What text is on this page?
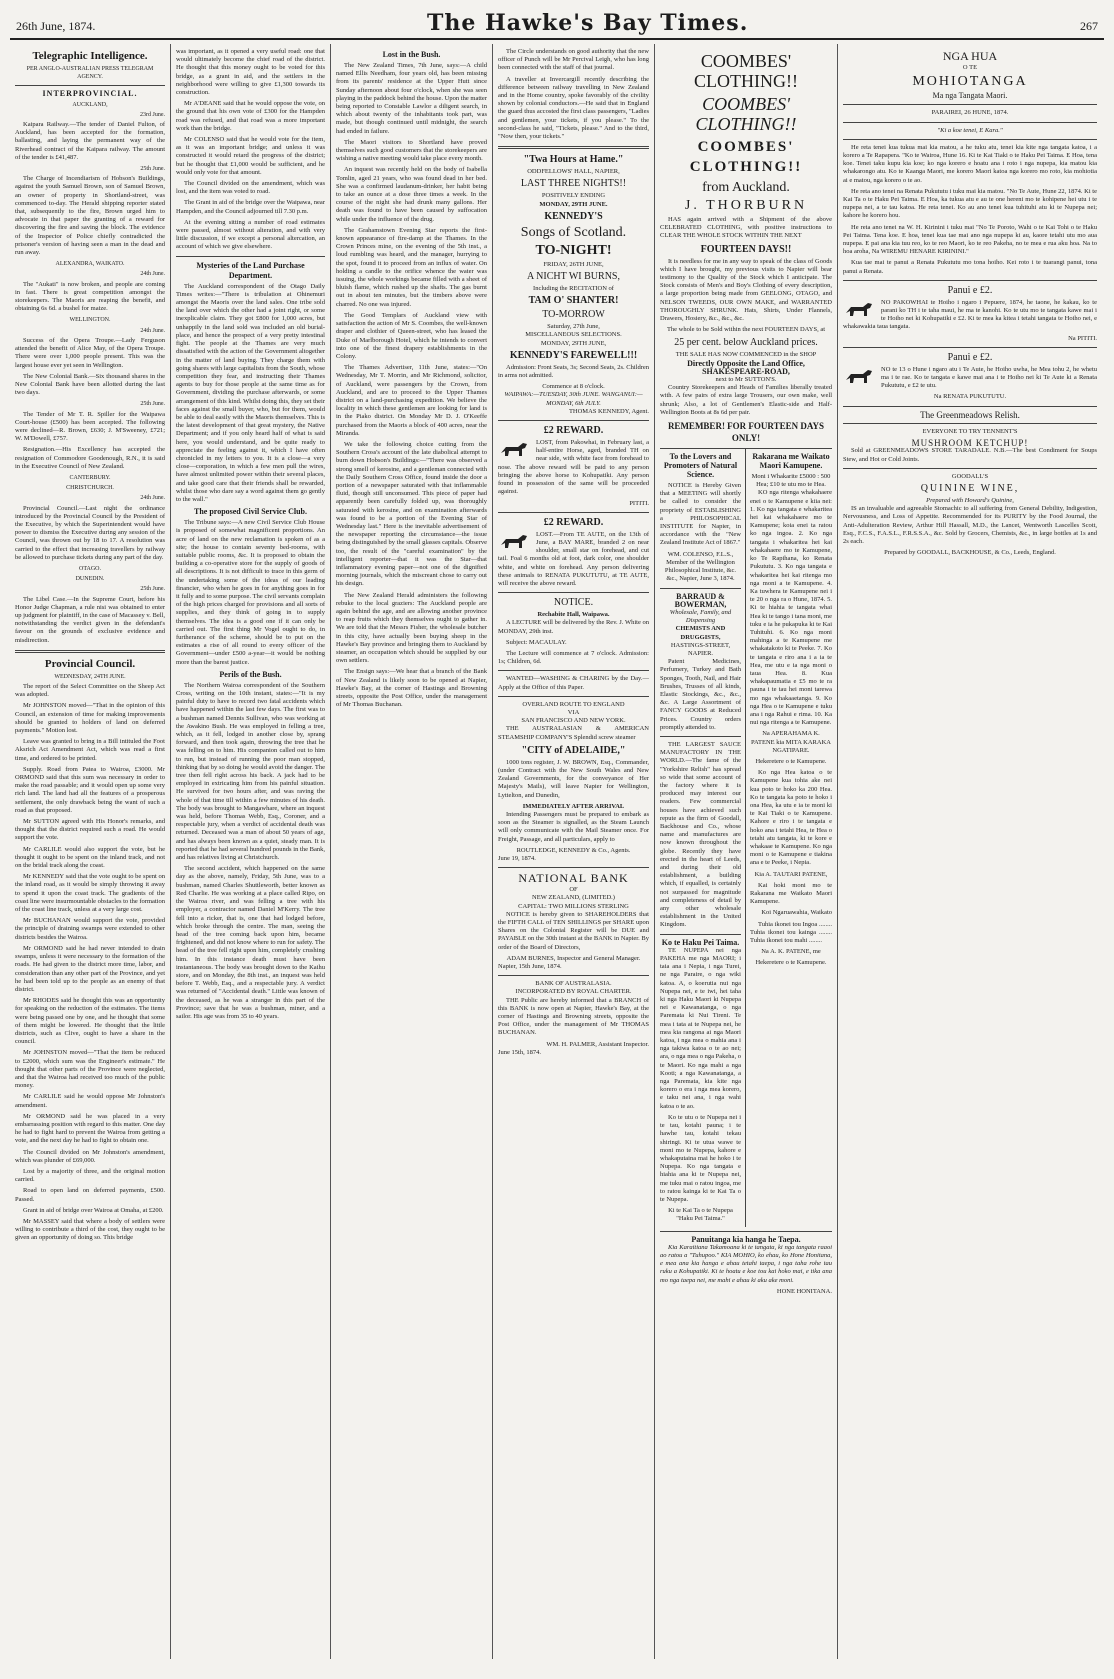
26th June, 1874.	The Hawke's Bay Times.	267
Telegraphic Intelligence.
PER ANGLO-AUSTRALIAN PRESS TELEGRAM AGENCY.
INTERPROVINCIAL.
AUCKLAND,
23rd June.

Kaipara Railway.—The tender of Daniel Fulton, of Auckland, has been accepted for the formation, ballasting, and laying the permanent way of the Riverhead contract of the Kaipara railway. The amount of the tender is £41,487.

25th June.

The Charge of Incendiarism of Hobson's Buildings, against the youth Samuel Brown, son of Samuel Brown, an owner of property in Shortland-street, was commenced to-day. The Herald shipping reporter stated that, subsequently to the fire, Brown urged him to advocate in that paper the granting of a reward for discovering the fire and saving the block. The evidence of the Inspector of Police chiefly contradicted the prisoner's version of having seen a man in the dead and run away.

ALEXANDRA, WAIKATO.
24th June.

The "Aukati" is now broken, and people are coming in fast. There is great competition amongst the storekeepers. The Maoris are reaping the benefit, and obtaining 6s 6d. a bushel for maize.

WELLINGTON.
24th June.

Success of the Opera Troupe.—Lady Ferguson attended the benefit of Alice May, of the Opera Troupe. There were over 1,000 people present. This was the largest house ever yet seen in Wellington.

The New Colonial Bank.—Six thousand shares in the New Colonial Bank have been allotted during the last two days.

25th June.

The Tender of Mr T. R. Spiller for the Waipawa Court-house (£500) has been accepted. The following were declined—R. Brown, £630; J. M'Sweeney, £721; W. M'Dowell, £757.

Resignation.—His Excellency has accepted the resignation of Commodore Goodenough, R.N., it is said in the Executive Council of New Zealand.

CANTERBURY.
CHRISTCHURCH.
24th June.

Provincial Council.—Last night the ordinance introduced by the Provincial Council by the President of the Executive, by which the Superintendent would have power to dismiss the Executive during any session of the Council, was thrown out by 18 to 17. A resolution was carried to the effect that increasing travellers by railway be allowed to purchase tickets during any part of the day.

OTAGO.
DUNEDIN.
25th June.

The Libel Case.—In the Supreme Court, before his Honor Judge Chapman, a rule nisi was obtained to enter up judgment for plaintiff, in the case of Macassey v. Bell, notwithstanding the verdict given in the defendant's favour on the grounds of exclusive evidence and misdirection.

Provincial Council.
WEDNESDAY, 24TH JUNE.

The report of the Select Committee on the Sheep Act was adopted.

Mr JOHNSTON moved—"That in the opinion of this Council, an extension of time for making improvements should be granted to holders of land on deferred payments." Motion lost.

Leave was granted to bring in a Bill intituled the Foot Aksrich Act Amendment Act, which was read a first time, and ordered to be printed.

Supply. Road from Patea to Wairoa, £3000. Mr ORMOND said that this sum was necessary in order to make the road passable; and it would open up some very rich land. The land had all the features of a prosperous settlement, the only drawback being the want of such a road as that proposed.

Mr SUTTON agreed with His Honor's remarks, and thought that the district required such a road. He would support the vote.

Mr CARLILE would also support the vote, but he thought it ought to be spent on the inland track, and not on the bridal track along the coast.

Mr KENNEDY said that the vote ought to be spent on the inland road, as it would be simply throwing it away to spend it upon the coast track. The gradients of the coast line were insurmountable obstacles to the formation of the coast line track, unless at a very large cost.

Mr BUCHANAN would support the vote, provided the principle of draining swamps were extended to other districts besides the Wairoa.

Mr ORMOND said he had never intended to drain swamps, unless it were necessary to the formation of the roads. He had given to the district more time, labor, and consideration than any other part of the Province, and yet he had been told up to the people as an enemy of that district.

Mr RHODES said he thought this was an opportunity for speaking on the reduction of the estimates. The items were being passed one by one, and he thought that some of them might be lowered. He thought that the little districts, such as Clive, ought to have a share in the council.

Mr JOHNSTON moved—"That the item be reduced to £2000, which sum was the Engineer's estimate." He thought that other parts of the Province were neglected, and that the Wairoa had received too much of the public money.

Mr CARLILE said he would oppose Mr Johnston's amendment.

Mr ORMOND said he was placed in a very embarrassing position with regard to this matter. One day he had to fight hard to prevent the Wairoa from getting a vote, and the next day he had to fight to obtain one.

The Council divided on Mr Johnston's amendment, which was plunder of £69,000.

Lost by a majority of three, and the original motion carried.

Road to open land on deferred payments, £500. Passed.

Grant in aid of bridge over Wairoa at Omaha, at £200.

Mr MASSEY said that where a body of settlers were willing to contribute a third of the cost, they ought to be given an opportunity of doing so. This bridge

was important, as it opened a very useful road: one that would ultimately become the chief road of the district. He thought that this money ought to be voted for this bridge, as a grant in aid, and the settlers in the neighborhood were willing to give £1,300 towards its construction.

Mr A'DEANE said that he would oppose the vote, on the ground that his own vote of £300 for the Hampden road was refused, and that road was a more important work than the bridge.

Mr COLENSO said that he would vote for the item, as it was an important bridge; and unless it was constructed it would retard the progress of the district; but he thought that £1,000 would be sufficient, and he would only vote for that amount.

The Council divided on the amendment, which was lost, and the item was voted to road.

The Grant in aid of the bridge over the Waipawa, near Hampden, and the Council adjourned till 7.30 p.m.

At the evening sitting a number of road estimates were passed, almost without alteration, and with very little discussion, if we except a personal altercation, an account of which we give elsewhere.

Mysteries of the Land Purchase Department.

The Auckland correspondent of the Otago Daily Times writes:—"There is tribulation at Ohinemuri amongst the Maoris over the land sales. One tribe sold the land over which the other had a joint right, or some inexplicable claim. They got £800 for 1,000 acres, but unhappily in the land sold was included an old burial-place, and hence the prospect of a very pretty intestinal fight. The people at the Thames are very much dissatisfied with the action of the Government altogether in the matter of land buying. They charge them with going shares with large capitalists from the South, whose competition they fear, and instructing their Thames agents to buy for those people at the same time as for Government, dividing the purchase afterwards, or some arrangement of this kind. Whilst doing this, they set their faces against the small buyer, who, but for them, would be able to deal easily with the Maoris themselves. This is the latest development of that great mystery, the Native Department; and if you only heard half of what is said here, you would understand, and be quite ready to appreciate the feeling against it, which I have often chronicled in my letters to you. It is a close—a very close—corporation, in which a few men pull the wires, have almost unlimited power within their several places, and take good care that their friends shall be rewarded, whilst those who dare say a word against them go gently to the wall."

The proposed Civil Service Club.

The Tribune says:—A new Civil Service Club House is proposed of somewhat magnificent proportions. An acre of land on the new reclamation is spoken of as a site; the house to contain seventy bed-rooms, with suitable public rooms, &c. It is proposed to obtain the building a co-operative store for the supply of goods of all descriptions. It is not difficult to trace in this germ of the undertaking some of the ideas of our leading financier, who when he goes in for anything goes in for it fully and to some purpose. The civil servants complain of the high prices charged for provisions and all sorts of supplies, and they think of going in to supply themselves. The idea is a good one if it can only be carried out. The first thing Mr Vogel ought to do, in furtherance of the scheme, should be to put on the estimates a rise of all round to every officer of the Government—under £500 a-year—it would be nothing more than the barest justice.

Perils of the Bush.

The Northern Wairoa correspondent of the Southern Cross, writing on the 10th instant, states:—"It is my painful duty to have to record two fatal accidents which have happened within the last few days. The first was to a bushman named Dennis Sullivan, who was working at the Awakino Bush. He was employed in felling a tree, which, as it fell, lodged in another close by, sprang forward, and then took again, throwing the tree that he was felling on to him. His companion called out to him to run, but instead of running the poor man stopped, thinking that by so doing he would avoid the danger. The tree then fell right across his back. A jack had to be employed in extricating him from his painful situation. He survived for two hours after, and was raving the whole of that time till within a few minutes of his death. The body was brought to Mangawhare, where an inquest was held, before Thomas Webb, Esq., Coroner, and a respectable jury, when a verdict of accidental death was returned. Deceased was a man of about 50 years of age, and has always been known as a quiet, steady man. It is reported that he had several hundred pounds in the Bank, and has relatives living at Christchurch.

The second accident, which happened on the same day as the above, namely, Friday, 5th June, was to a bushman, named Charles Shuttleworth, better known as Red Charlie. He was working at a place called Ripo, on the Wairoa river, and was felling a tree with his employer, a contractor named Daniel M'Kerry. The tree fell into a ricker, that is, one that had lodged before, which broke through the centre. The man, seeing the head of the tree coming back upon him, became frightened, and did not know where to run for safety. The head of the tree fell right upon him, completely crushing him. In this instance death must have been instantaneous. The body was brought down to the Kaihu store, and on Monday, the 8th inst., an inquest was held before T. Webb, Esq., and a respectable jury. A verdict was returned of "Accidental death." Little was known of the deceased, as he was a stranger in this part of the Province; save that he was a bushman, miner, and a sailor. His age was from 35 to 40 years.

Lost in the Bush.

The New Zealand Times, 7th June, says:—A child named Ellis Needham, four years old, has been missing from its parents' residence at the Upper Hutt since Sunday afternoon about four o'clock, when she was seen playing in the paddock behind the house. Upon the matter being reported to Constable Lawlor a diligent search, in which about twenty of the inhabitants took part, was made, but though continued until midnight, the search had ended in failure.

The Maori visitors to Shortland have proved themselves such good customers that the storekeepers are wishing a native meeting would take place every month.

An inquest was recently held on the body of Isabella Tomlin, aged 21 years, who was found dead in her bed. She was a confirmed laudanum-drinker, her habit being to take an ounce at a dose three times a week. In the course of the night she had drunk many gallons. Her death was found to have been caused by suffocation while under the influence of the drug.

The Grahamstown Evening Star reports the first-known appearance of fire-damp at the Thames. In the Crown Princes mine, on the evening of the 5th inst., a loud rumbling was heard, and the manager, hurrying to the spot, found it to proceed from an influx of water. On holding a candle to the orifice whence the water was issuing, the whole workings became filled with a sheet of bluish flame, which rushed up the shafts. The gas burnt out in about ten minutes, but the timbers above were charred. No one was injured.

The Good Templars of Auckland view with satisfaction the action of Mr S. Coombes, the well-known draper and clothier of Queen-street, who has leased the Duke of Marlborough Hotel, which he intends to convert into one of the finest drapery establishments in the Colony.

The Thames Advertiser, 11th June, states:—"On Wednesday, Mr T. Morrin, and Mr Richmond, solicitor, of Auckland, were passengers by the Crown, from Auckland, and are to proceed to the Upper Thames district on a land-purchasing expedition. We believe the locality in which these gentlemen are looking for land is in the Piako district. On Monday Mr D. J. O'Keeffe purchased from the Maoris a block of 400 acres, near the Miranda.

We take the following choice cutting from the Southern Cross's account of the late diabolical attempt to burn down Hobson's Buildings:—"There was observed a strong smell of kerosine, and a gentleman connected with the Daily Southern Cross Office, found inside the door a portion of a newspaper saturated with that inflammable fluid, though still unconsumed. This piece of paper had apparently been carefully folded up, was thoroughly saturated with kerosine, and on examination afterwards was found to be a portion of the Evening Star of Wednesday last." Here is the inevitable advertisement of the newspaper reporting the circumstance—the issue being distinguished by the small glasses capitals. Observe too, the result of the "careful examination" by the intelligent reporter—that it was the Star—that inflammatory evening paper—not one of the dignified morning journals, which the miscreant chose to carry out his design.

The New Zealand Herald administers the following rebuke to the local graziers: The Auckland people are again behind the age, and are allowing another province to reap fruits which they themselves ought to gather in. We are told that the Messrs Fisher, the wholesale butcher in this city, have actually been buying sheep in the Hawke's Bay province and bringing them to Auckland by steamer, an occupation which should be supplied by our own settlers.

The Ensign says:—We hear that a branch of the Bank of New Zealand is likely soon to be opened at Napier, Hawke's Bay, at the corner of Hastings and Browning streets, opposite the Post Office, under the management of Mr Thomas Buchanan.

The Circle understands on good authority that the new officer of Punch will be Mr Percival Leigh, who has long been connected with the staff of that journal.

A traveller at Invercargill recently describing the difference between railway travelling in New Zealand and in the Home country, spoke favorably of the civility shown by colonial conductors.—He said that in England the guard thus accosted the first class passengers, "Ladies and gentlemen, your tickets, if you please." To the second-class he said, "Tickets, please." And to the third, "Now then, your tickets."

"Twa Hours at Hame."
ODDFELLOWS' HALL, NAPIER,
LAST THREE NIGHTS!!
POSITIVELY ENDING
MONDAY, 29TH JUNE.
KENNEDY'S
Songs of Scotland.
TO-NIGHT!
FRIDAY, 26TH JUNE,
A NICHT WI BURNS,
Including the RECITATION of
TAM O' SHANTER!
TO-MORROW
Saturday, 27th June,
MISCELLANEOUS SELECTIONS.
MONDAY, 29TH JUNE,
KENNEDY'S FAREWELL!!!

Admission: Front Seats, 3s; Second Seats, 2s. Children in arms not admitted.

Commence at 8 o'clock.
WAIPAWA:—TUESDAY, 30th JUNE. WANGANUI:—MONDAY, 6th JULY.
THOMAS KENNEDY, Agent.
£2 REWARD.

LOST, from Pakowhai, in February last, a half-entire Horse, aged, branded TH on near side, with white face from forehead to nose. The above reward will be paid to any person bringing the above horse to Kohupatiki. Any person found in possession of the same will be proceeded against.

PITITI.
£2 REWARD.

LOST.—From TE AUTE, on the 13th of June, a BAY MARE, branded 2 on near shoulder, small star on forehead, and cut tail. Foal 6 months old at foot, dark color, one shoulder white, and white on forehead. Any person delivering these animals to RENATA PUKUTUTU, at TE AUTE, will receive the above reward.

NOTICE.
Rechabite Hall, Waipawa.

A LECTURE will be delivered by the Rev. J. White on MONDAY, 29th inst.

Subject: MACAULAY.

The Lecture will commence at 7 o'clock. Admission: 1s; Children, 6d.

WANTED—WASHING & CHARING by the Day.—Apply at the Office of this Paper.

OVERLAND ROUTE TO ENGLAND
VIA
SAN FRANCISCO AND NEW YORK.

THE AUSTRALASIAN & AMERICAN STEAMSHIP COMPANY'S Splendid screw steamer

"CITY of ADELAIDE,"

1000 tons register, J. W. BROWN, Esq., Commander, (under Contract with the New South Wales and New Zealand Governments, for the conveyance of Her Majesty's Mails), will leave Napier for Wellington, Lyttelton, and Dunedin,

IMMEDIATELY AFTER ARRIVAL

Intending Passengers must be prepared to embark as soon as the Steamer is signalled, as the Steam Launch will only communicate with the Mail Steamer once. For Freight, Passage, and all particulars, apply to

ROUTLEDGE, KENNEDY & Co., Agents.
June 19, 1874.
NATIONAL BANK
OF
NEW ZEALAND, (LIMITED.)
CAPITAL: TWO MILLIONS STERLING

NOTICE is hereby given to SHAREHOLDERS that the FIFTH CALL of TEN SHILLINGS per SHARE upon Shares on the Colonial Register will be DUE and PAYABLE on the 30th instant at the BANK in Napier. By order of the Board of Directors,

ADAM BURNES, Inspector and General Manager.
Napier, 15th June, 1874.
BANK OF AUSTRALASIA.
INCORPORATED BY ROYAL CHARTER.

THE Public are hereby informed that a BRANCH of this BANK is now open at Napier, Hawke's Bay, at the corner of Hastings and Browning streets, opposite the Post Office, under the management of Mr THOMAS BUCHANAN.

WM. H. PALMER, Assistant Inspector.
June 15th, 1874.
COOMBES' CLOTHING!!
COOMBES' CLOTHING!!
COOMBES' CLOTHING!!
from Auckland.
J. THORBURN

HAS again arrived with a Shipment of the above CELEBRATED CLOTHING, with positive instructions to CLEAR THE WHOLE STOCK WITHIN THE NEXT

FOURTEEN DAYS!!

It is needless for me in any way to speak of the class of Goods which I have brought, my previous visits to Napier will bear testimony to the Quality of the Stock which I anticipate. The Stock consists of Men's and Boy's Clothing of every description, a large proportion being made from GEELONG, OTAGO, and NELSON TWEEDS, OUR OWN MAKE, and WARRANTED THOROUGHLY SHRUNK. Hats, Shirts, Under Flannels, Drawers, Hosiery, &c., &c., &c.

The whole to be Sold within the next FOURTEEN DAYS, at

25 per cent. below Auckland prices.
THE SALE HAS NOW COMMENCED in the SHOP
Directly Opposite the Land Office, SHAKESPEARE-ROAD,
next to Mr SUTTON'S.

Country Storekeepers and Heads of Families liberally treated with. A few pairs of extra large Trousers, our own make, well shrunk; Also, a lot of Gentlemen's Elastic-side and Half-Wellington Boots at 8s 6d per pair.

REMEMBER! FOR FOURTEEN DAYS ONLY!
To the Lovers and Promoters of Natural Science.

NOTICE is Hereby Given that a MEETING will shortly be called to consider the propriety of ESTABLISHING a PHILOSOPHICAL INSTITUTE for Napier, in accordance with the "New Zealand Institute Act of 1867."

WM. COLENSO, F.L.S., Member of the Wellington Philosophical Institute, &c. &c., Napier, June 3, 1874.

BARRAUD & BOWERMAN,
Wholesale, Family, and Dispensing
CHEMISTS AND DRUGGISTS,
HASTINGS-STREET, NAPIER.

Patent Medicines, Perfumery, Turkey and Bath Sponges, Tooth, Nail, and Hair Brushes, Trusses of all kinds, Elastic Stockings, &c., &c., &c. A Large Assortment of FANCY GOODS at Reduced Prices. Country orders promptly attended to.

THE LARGEST SAUCE MANUFACTORY IN THE WORLD.—The fame of the "Yorkshire Relish" has spread so wide that some account of the factory where it is produced may interest our readers. Few commercial houses have achieved such repute as the firm of Goodall, Backhouse and Co., whose name and manufactures are now known throughout the globe. Recently they have erected in the heart of Leeds, and during their old establishment, a building which, if equalled, is certainly not surpassed for magnitude and completeness of detail by any other wholesale establishment in the United Kingdom.

Ko te Haku Pei Taima.

TE NUPEPA nei nga PAKEHA me nga MAORI; i taia ana i Nepia, i nga Turei, ne nga Paraire, o nga wiki katoa. A, o koerutia nui nga Nupepa nei, e te iwi, hei taha ki nga Haku Maori ki Nupepa nei e Kawanatanga, o nga Paremata ki Nui Tireni. Te mea i tata ai te Nupepa nei, he mea kia rangona ai nga Maori katoa, i nga mea o mahia ana i nga takiwa katoa o te ao nei; ara, o nga mea o nga Pakeha, o te Maori. Ko nga mahi a nga Kooti; a nga Kawanatanga, a nga Paremata, kia kite nga korero o era i nga mea korero, e taku nei ana, i nga wahi katoa o te ao.

Ko te utu o te Nupepa nei i te tau, kotahi pauna; i te hawhe tau, kotahi tekau shiringi. Ki te utua wawe te moni mo te Nupepa, kahore e whakaputaina mai he hoko i te Nupepa. Ko nga tangata e hiahia ana ki te Nupepa nei, me tuku mai o ratou ingoa, me to ratou kainga ki te Kai Ta o te Nupepa.

Ki te Kai Ta o te Nupepa "Haku Pei Taima."

Rakarana me Waikato Maori Kamupene.
Moni i Whakarite £5000 : 500 Hea; £10 te utu mo te Hea.

KO nga ritenga whakahaere enei o te Kamupene e kiia nei: 1. Ko nga tangata e whakaritea hei kai whakahaere mo te Kamupene; koia enei ta ratou ko nga ingoa. 2. Ko nga tangata i whakaritea hei kai whakahaere mo te Kamupene, ko Te Rapihana, ko Renata Pukututu. 3. Ko nga tangata e whakaritea hei kai ritenga mo nga moni a te Kamupene. 4. Ka tuwhera te Kamupene nei i te 20 o nga ra o Hune, 1874. 5. Ki te hiahia te tangata whai Hea ki te tango i tana moni, me tuku e ia he pukapuka ki te Kai Tuhituhi. 6. Ko nga moni mahinga a te Kamupene me whakatakoto ki te Peeke. 7. Ko te tangata e riro ana i a ia te Hea, me utu e ia nga moni o taua Hea. 8. Kua whakapaumatia e £5 mo te ra pauna i te tau hei moni tarewa mo nga whakaaetanga. 9. Ko nga Hea o te Kamupene e tuku ana i nga Rahui e rima. 10. Ka nui nga ritenga a te Kamupene.

Na APERAHAMA K. PATENE kia MITA KARAKA NGATIPARE.

Hekeretere o te Kamupene.

Ko nga Hea katoa o te Kamupene kua tohia ake nei kua poto te hoko ka 200 Hea. Ko te tangata ka poto te hoko i ona Hea, ka utu e ia te moni ki te Kai Tiaki o te Kamupene. Kahore e riro i te tangata e hoko ana i tetahi Hea, te Hea o tetahi atu tangata, ki te kore e whakaae te Kamupene. Ko nga moni o te Kamupene e tiakina ana e te Peeke, i Nepia.

Kia A. TAUTARI PATENE,

Kai hoki moni mo te Rakarana me Waikato Maori Kamupene.

Koi Ngaruawahia, Waikato

Tuhia ikonei tou Ingoa ........ Tuhia ikonei tou kainga ........ Tuhia ikonei tou mahi ........

Na A. K. PATENE, me

Hekeretere o te Kamupene.

Panuitanga kia hanga he Taepa.

Kia Karaitiana Takamoana ki te tangata, ki nga tangata raaoi ao ratou a "Tuhupoo." KIA MOHIO, ko ehau, ko Hone Honitana, e mea ana kia hanga e ahau tetahi taepa, i nga taha rohe tau ruku a Kohupatiki. Ki te hoatu e koe tou kai hoko mai, e tika ana mo nga taepa nei, me mahi e ahau ki aku ake moni.

HONE HONITANA.

NGA HUA
O TE
MOHIOTANGA
Ma nga Tangata Maori.
PARAIREI, 26 HUNE, 1874.
"Ki a koe tenei, E Kara."

He reta tenei kua tukua mai kia matou, a he tuku atu, tenei kia kite nga tangata katoa, i a korero a Te Rapapera. "Ko te Wairoa, Hune 16. Ki te Kai Tiaki o te Haku Pei Taima. E Hoa, tena koe. Tenei taku kupu kia koe; ko nga korero e hoatu ana i roto i nga nupepa, kia matou kia whakarongo atu. Ko te Kaanga Maori, me korero Maori katoa nga korero mo roto, kia mohiotia ai e matou, nga korero o te ao.

He reta ano tenei na Renata Pukututu i tuku mai kia matou. "No Te Aute, Hune 22, 1874. Ki te Kai Ta o te Haku Pei Taima. E Hoa, ka tukua atu e au te one hereni mo te kohipene hei utu i te nupepa nei, a te tau katoa. He reta tenei. Ko au ano tenei kua tuhituhi atu ki te Nupepa nei; kahore he korero hou.

He reta ano tenei na W. H. Kirinini i tuku mai "No Te Poroto, Wahi o te Kai Tohi o te Haku Pei Taima. Tena koe. E hoa, tenei kua tae mai ano nga nupepa ki au, kaore tetahi utu mo aua nupepa. E pai ana kia tuu reo, ko te reo Maori, ko te reo Pakeha, no te mea e rua aku hoa. Na to hoa aroha, Na WIREMU HENARE KIRININI."

Kua tae mai te panui a Renata Pukututu mo tona hoiho. Kei roto i te tuarangi panui, tona panui a Renata.

Panui e £2.

NO PAKOWHAI te Hoiho i ngaro i Pepuere, 1874, he taone, he kakau, ko te parani ko TH i te taha maui, he ma te kanohi. Ko te utu mo te tangata kawe mai i te Hoiho nei ki Kohupatiki e £2. Ki te mea ka kitea i tetahi tangata te Hoiho nei, e whakawakia taua tangata.

Na PITITI.

Panui e £2.

NO te 13 o Hune i ngaro atu i Te Aute, he Hoiho uwha, he Mea tohu 2, he whetu ma i te rae. Ko te tangata e kawe mai ana i te Hoiho nei ki Te Aute ki a Renata Pukututu, e £2 te utu.

Na RENATA PUKUTUTU.

The Greenmeadows Relish.

EVERYONE TO TRY TENNENT'S

MUSHROOM KETCHUP!

Sold at GREENMEADOWS STORE TARADALE. N.B.—The best Condiment for Soups Stew, and Hot or Cold Joints.

GOODALL'S
QUININE WINE,
Prepared with Howard's Quinine,

IS an invaluable and agreeable Stomachic to all suffering from General Debility, Indigestion, Nervousness, and Loss of Appetite. Recommended for its PURITY by the Food Journal, the Anti-Adulteration Review, Arthur Hill Hassall, M.D., the Lancet, Wentworth Lascelles Scott, Esq., F.C.S., F.A.S.L., F.R.S.S.A., &c. Sold by Grocers, Chemists, &c., in large bottles at 1s and 2s each.

Prepared by GOODALL, BACKHOUSE, & Co., Leeds, England.
